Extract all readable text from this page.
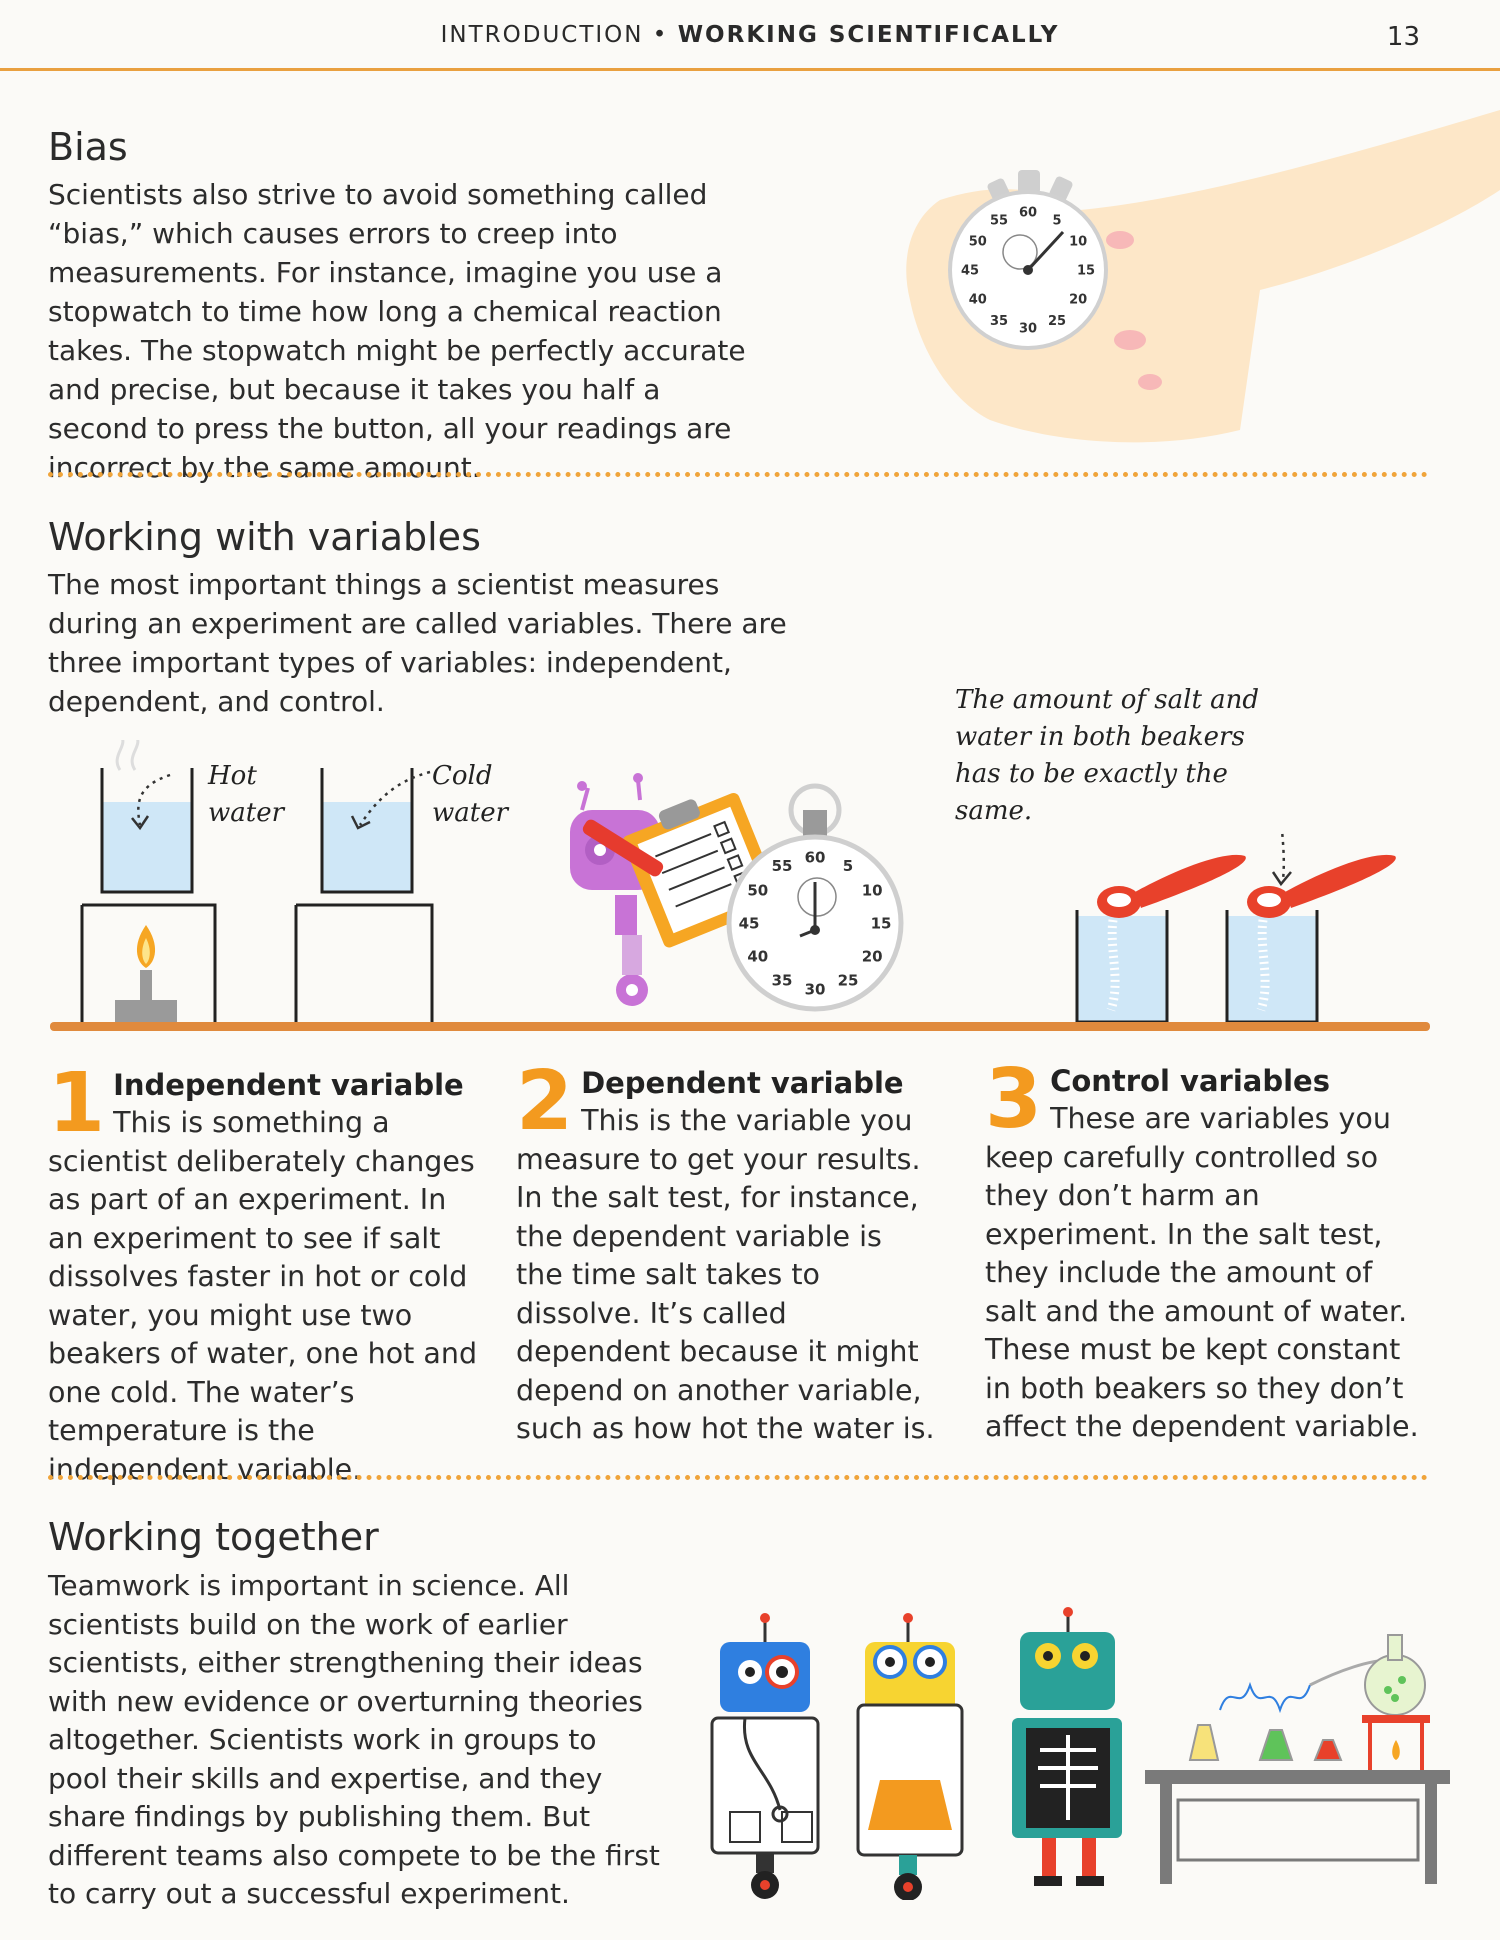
INTRODUCTION • WORKING SCIENTIFICALLY	13
Bias

Scientists also strive to avoid something called “bias,” which causes errors to creep into measurements. For instance, imagine you use a stopwatch to time how long a chemical reaction takes. The stopwatch might be perfectly accurate and precise, but because it takes you half a second to press the button, all your readings are incorrect by the same amount.

60
5
10
15
20
25
30
35
40
45
50
55
Working with variables

The most important things a scientist measures during an experiment are called variables. There are three important types of variables: independent, dependent, and control.

Hot water
Cold water
The amount of salt and water in both beakers has to be exactly the same.
60 5
10
15
20
25
30
35
40
45
50
55
1 Independent variable
This is something a scientist deliberately changes as part of an experiment. In an experiment to see if salt dissolves faster in hot or cold water, you might use two beakers of water, one hot and one cold. The water’s temperature is the independent variable.
2 Dependent variable
This is the variable you measure to get your results. In the salt test, for instance, the dependent variable is the time salt takes to dissolve. It’s called dependent because it might depend on another variable, such as how hot the water is.
3 Control variables
These are variables you keep carefully controlled so they don’t harm an experiment. In the salt test, they include the amount of salt and the amount of water. These must be kept constant in both beakers so they don’t affect the dependent variable.
Working together

Teamwork is important in science. All scientists build on the work of earlier scientists, either strengthening their ideas with new evidence or overturning theories altogether. Scientists work in groups to pool their skills and expertise, and they share findings by publishing them. But different teams also compete to be the first to carry out a successful experiment.
